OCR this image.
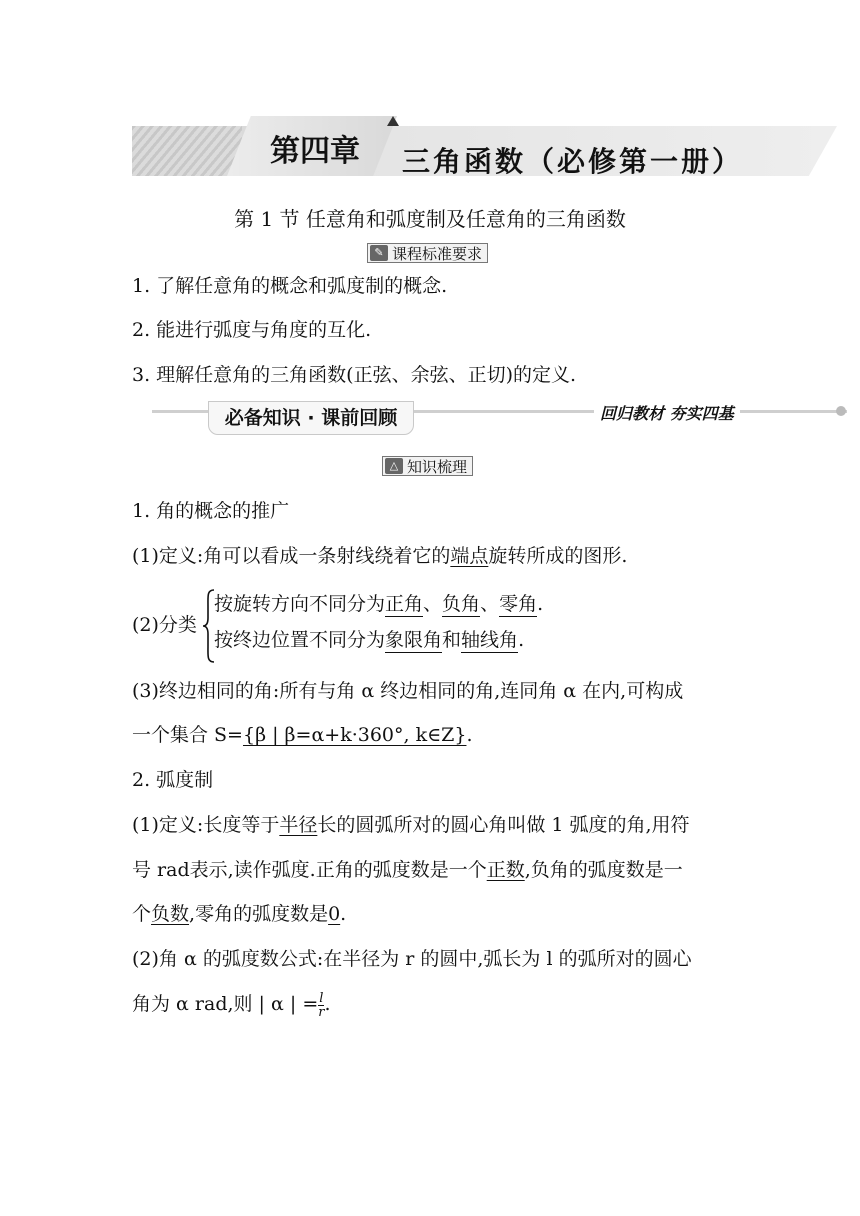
第四章	三角函数（必修第一册）
第 1 节 任意角和弧度制及任意角的三角函数
✎ 课程标准要求
1. 了解任意角的概念和弧度制的概念.
2. 能进行弧度与角度的互化.
3. 理解任意角的三角函数(正弦、余弦、正切)的定义.
必备知识 · 课前回顾	回归教材 夯实四基
△ 知识梳理
1. 角的概念的推广
(1)定义:角可以看成一条射线绕着它的端点旋转所成的图形.
(2)分类
按旋转方向不同分为正角、负角、零角.
按终边位置不同分为象限角和轴线角.
(3)终边相同的角:所有与角 α 终边相同的角,连同角 α 在内,可构成
一个集合 S={β | β=α+k·360°, k∈Z}.
2. 弧度制
(1)定义:长度等于半径长的圆弧所对的圆心角叫做 1 弧度的角,用符
号 rad表示,读作弧度.正角的弧度数是一个正数,负角的弧度数是一
个负数,零角的弧度数是0.
(2)角 α 的弧度数公式:在半径为 r 的圆中,弧长为 l 的弧所对的圆心
角为 α rad,则 | α | = $\frac{l}{r}$ .
